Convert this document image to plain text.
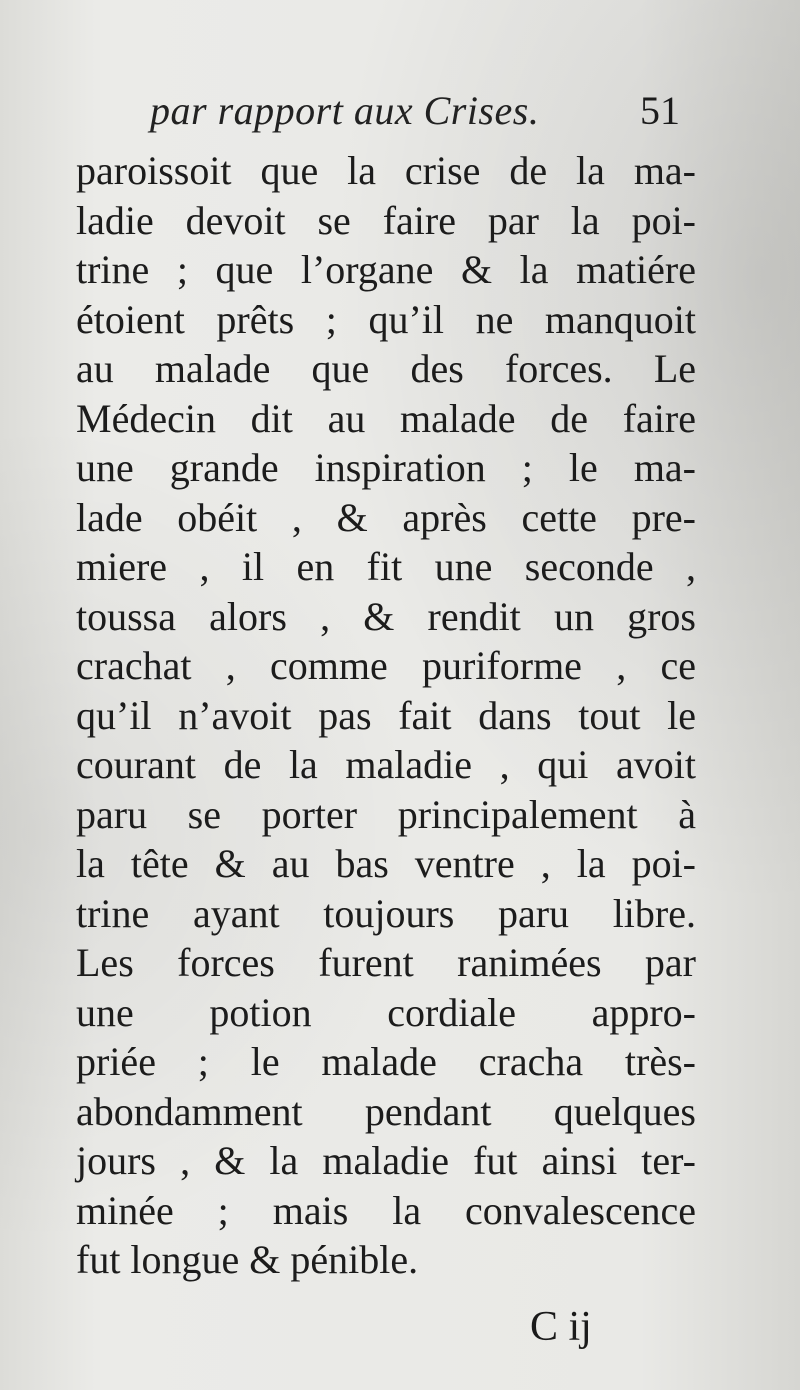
par rapport aux Crises.	51
paroissoit que la crise de la ma-
ladie devoit se faire par la poi-
trine ; que l’organe & la matiére
étoient prêts ; qu’il ne manquoit
au malade que des forces. Le
Médecin dit au malade de faire
une grande inspiration ; le ma-
lade obéit , & après cette pre-
miere , il en fit une seconde ,
toussa alors , & rendit un gros
crachat , comme puriforme , ce
qu’il n’avoit pas fait dans tout le
courant de la maladie , qui avoit
paru se porter principalement à
la tête & au bas ventre , la poi-
trine ayant toujours paru libre.
Les forces furent ranimées par
une potion cordiale appro-
priée ; le malade cracha très-
abondamment pendant quelques
jours , & la maladie fut ainsi ter-
minée ; mais la convalescence
fut longue & pénible.
C ij
